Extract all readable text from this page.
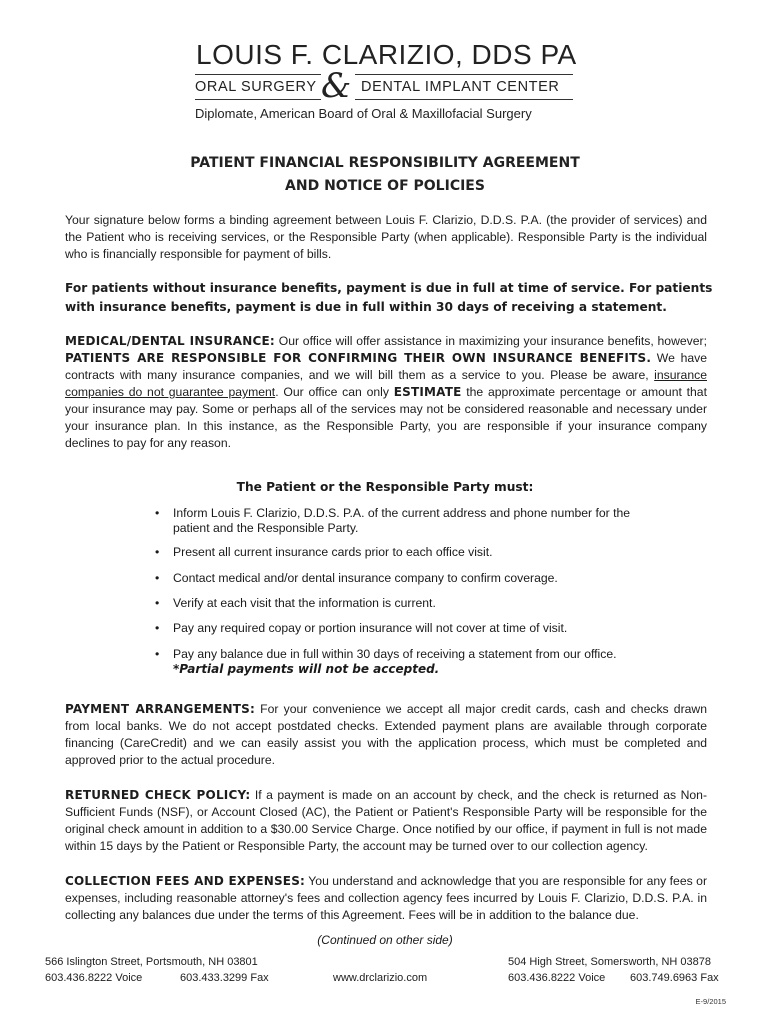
LOUIS F. CLARIZIO, DDS PA
ORAL SURGERY & DENTAL IMPLANT CENTER
Diplomate, American Board of Oral & Maxillofacial Surgery
PATIENT FINANCIAL RESPONSIBILITY AGREEMENT
AND NOTICE OF POLICIES
Your signature below forms a binding agreement between Louis F. Clarizio, D.D.S. P.A. (the provider of services) and the Patient who is receiving services, or the Responsible Party (when applicable). Responsible Party is the individual who is financially responsible for payment of bills.
For patients without insurance benefits, payment is due in full at time of service. For patients with insurance benefits, payment is due in full within 30 days of receiving a statement.
MEDICAL/DENTAL INSURANCE: Our office will offer assistance in maximizing your insurance benefits, however; PATIENTS ARE RESPONSIBLE FOR CONFIRMING THEIR OWN INSURANCE BENEFITS. We have contracts with many insurance companies, and we will bill them as a service to you. Please be aware, insurance companies do not guarantee payment. Our office can only ESTIMATE the approximate percentage or amount that your insurance may pay. Some or perhaps all of the services may not be considered reasonable and necessary under your insurance plan. In this instance, as the Responsible Party, you are responsible if your insurance company declines to pay for any reason.
The Patient or the Responsible Party must:
• Inform Louis F. Clarizio, D.D.S. P.A. of the current address and phone number for the patient and the Responsible Party.
• Present all current insurance cards prior to each office visit.
• Contact medical and/or dental insurance company to confirm coverage.
• Verify at each visit that the information is current.
• Pay any required copay or portion insurance will not cover at time of visit.
• Pay any balance due in full within 30 days of receiving a statement from our office.
*Partial payments will not be accepted.
PAYMENT ARRANGEMENTS: For your convenience we accept all major credit cards, cash and checks drawn from local banks. We do not accept postdated checks. Extended payment plans are available through corporate financing (CareCredit) and we can easily assist you with the application process, which must be completed and approved prior to the actual procedure.
RETURNED CHECK POLICY: If a payment is made on an account by check, and the check is returned as Non-Sufficient Funds (NSF), or Account Closed (AC), the Patient or Patient's Responsible Party will be responsible for the original check amount in addition to a $30.00 Service Charge. Once notified by our office, if payment in full is not made within 15 days by the Patient or Responsible Party, the account may be turned over to our collection agency.
COLLECTION FEES AND EXPENSES: You understand and acknowledge that you are responsible for any fees or expenses, including reasonable attorney's fees and collection agency fees incurred by Louis F. Clarizio, D.D.S. P.A. in collecting any balances due under the terms of this Agreement. Fees will be in addition to the balance due.
(Continued on other side)
566 Islington Street, Portsmouth, NH 03801
603.436.8222 Voice	603.433.3299 Fax	www.drclarizio.com
504 High Street, Somersworth, NH 03878
603.436.8222 Voice 603.749.6963 Fax
E-9/2015
